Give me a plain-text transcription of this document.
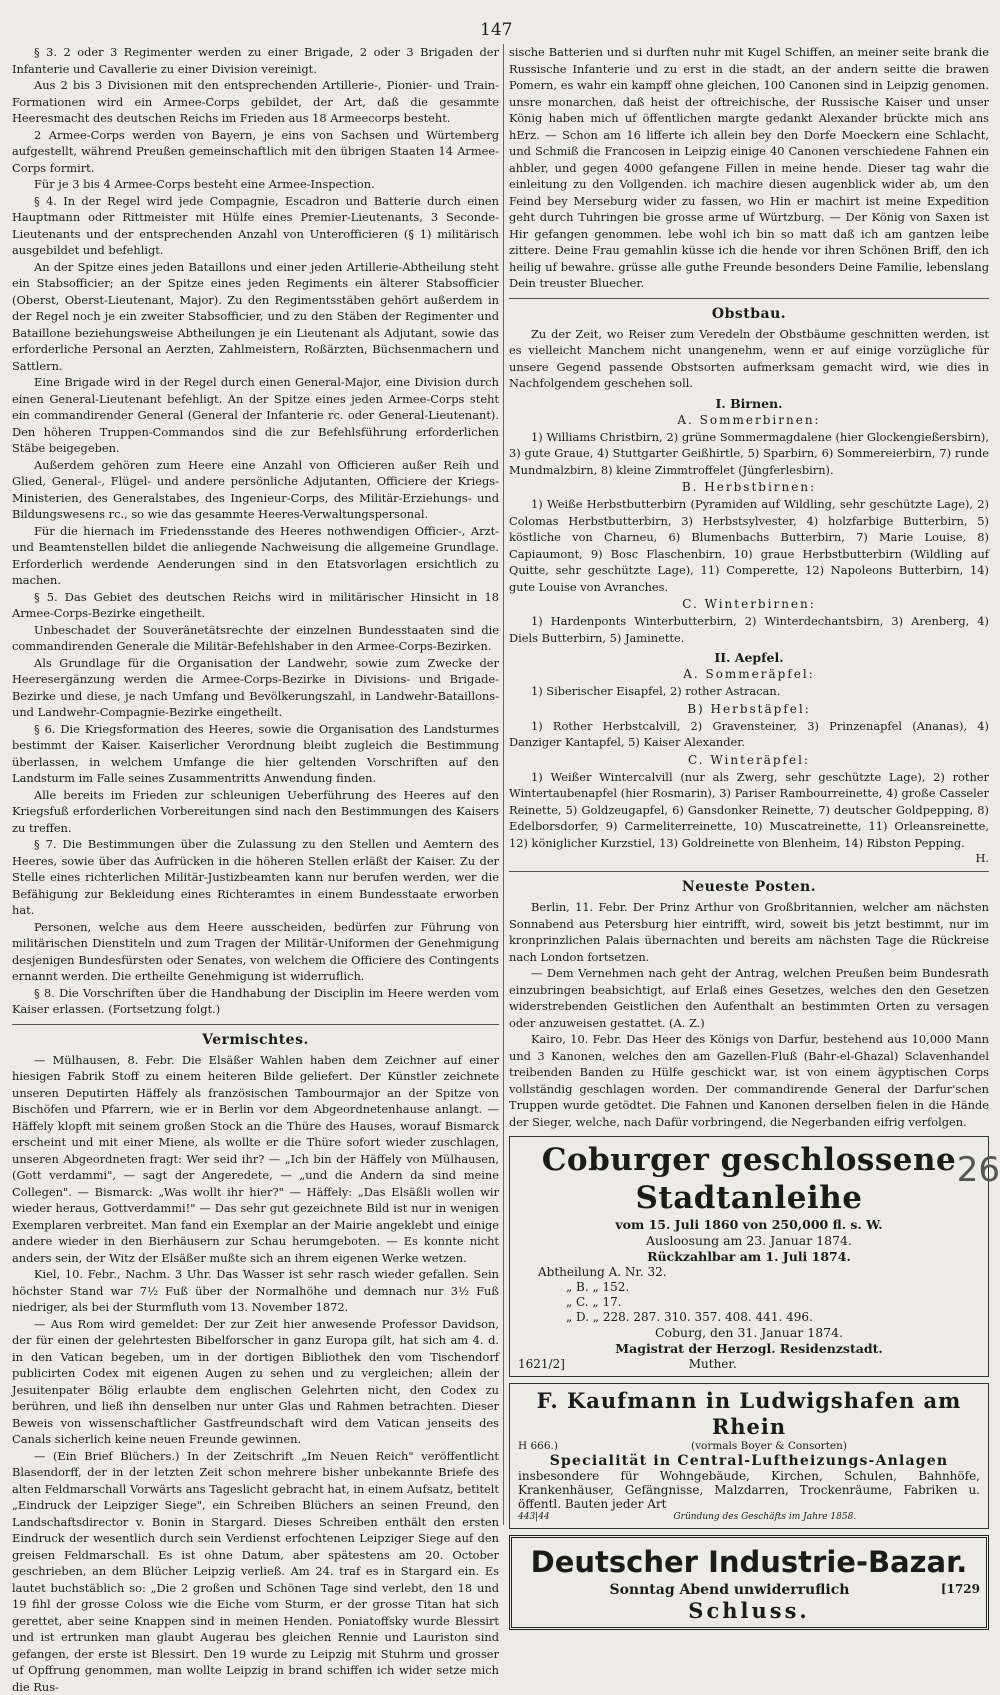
147

§ 3. 2 oder 3 Regimenter werden zu einer Brigade, 2 oder 3 Brigaden der Infanterie und Cavallerie zu einer Division vereinigt.

Aus 2 bis 3 Divisionen mit den entsprechenden Artillerie-, Pionier- und Train-Formationen wird ein Armee-Corps gebildet, der Art, daß die gesammte Heeresmacht des deutschen Reichs im Frieden aus 18 Armeecorps besteht.

2 Armee-Corps werden von Bayern, je eins von Sachsen und Würtemberg aufgestellt, während Preußen gemeinschaftlich mit den übrigen Staaten 14 Armee-Corps formirt.

Für je 3 bis 4 Armee-Corps besteht eine Armee-Inspection.

§ 4. In der Regel wird jede Compagnie, Escadron und Batterie durch einen Hauptmann oder Rittmeister mit Hülfe eines Premier-Lieutenants, 3 Seconde-Lieutenants und der entsprechenden Anzahl von Unterofficieren (§ 1) militärisch ausgebildet und befehligt.

An der Spitze eines jeden Bataillons und einer jeden Artillerie-Abtheilung steht ein Stabsofficier; an der Spitze eines jeden Regiments ein älterer Stabsofficier (Oberst, Oberst-Lieutenant, Major). Zu den Regimentsstäben gehört außerdem in der Regel noch je ein zweiter Stabsofficier, und zu den Stäben der Regimenter und Bataillone beziehungsweise Abtheilungen je ein Lieutenant als Adjutant, sowie das erforderliche Personal an Aerzten, Zahlmeistern, Roßärzten, Büchsenmachern und Sattlern.

Eine Brigade wird in der Regel durch einen General-Major, eine Division durch einen General-Lieutenant befehligt. An der Spitze eines jeden Armee-Corps steht ein commandirender General (General der Infanterie rc. oder General-Lieutenant). Den höheren Truppen-Commandos sind die zur Befehlsführung erforderlichen Stäbe beigegeben.

Außerdem gehören zum Heere eine Anzahl von Officieren außer Reih und Glied, General-, Flügel- und andere persönliche Adjutanten, Officiere der Kriegs-Ministerien, des Generalstabes, des Ingenieur-Corps, des Militär-Erziehungs- und Bildungswesens rc., so wie das gesammte Heeres-Verwaltungspersonal.

Für die hiernach im Friedensstande des Heeres nothwendigen Officier-, Arzt- und Beamtenstellen bildet die anliegende Nachweisung die allgemeine Grundlage. Erforderlich werdende Aenderungen sind in den Etatsvorlagen ersichtlich zu machen.

§ 5. Das Gebiet des deutschen Reichs wird in militärischer Hinsicht in 18 Armee-Corps-Bezirke eingetheilt.

Unbeschadet der Souveränetätsrechte der einzelnen Bundesstaaten sind die commandirenden Generale die Militär-Befehlshaber in den Armee-Corps-Bezirken.

Als Grundlage für die Organisation der Landwehr, sowie zum Zwecke der Heeresergänzung werden die Armee-Corps-Bezirke in Divisions- und Brigade-Bezirke und diese, je nach Umfang und Bevölkerungszahl, in Landwehr-Bataillons- und Landwehr-Compagnie-Bezirke eingetheilt.

§ 6. Die Kriegsformation des Heeres, sowie die Organisation des Landsturmes bestimmt der Kaiser. Kaiserlicher Verordnung bleibt zugleich die Bestimmung überlassen, in welchem Umfange die hier geltenden Vorschriften auf den Landsturm im Falle seines Zusammentritts Anwendung finden.

Alle bereits im Frieden zur schleunigen Ueberführung des Heeres auf den Kriegsfuß erforderlichen Vorbereitungen sind nach den Bestimmungen des Kaisers zu treffen.

§ 7. Die Bestimmungen über die Zulassung zu den Stellen und Aemtern des Heeres, sowie über das Aufrücken in die höheren Stellen erläßt der Kaiser. Zu der Stelle eines richterlichen Militär-Justizbeamten kann nur berufen werden, wer die Befähigung zur Bekleidung eines Richteramtes in einem Bundesstaate erworben hat.

Personen, welche aus dem Heere ausscheiden, bedürfen zur Führung von militärischen Dienstiteln und zum Tragen der Militär-Uniformen der Genehmigung desjenigen Bundesfürsten oder Senates, von welchem die Officiere des Contingents ernannt werden. Die ertheilte Genehmigung ist widerruflich.

§ 8. Die Vorschriften über die Handhabung der Disciplin im Heere werden vom Kaiser erlassen. (Fortsetzung folgt.)

Vermischtes.

— Mülhausen, 8. Febr. Die Elsäßer Wahlen haben dem Zeichner auf einer hiesigen Fabrik Stoff zu einem heiteren Bilde geliefert. Der Künstler zeichnete unseren Deputirten Häffely als französischen Tambourmajor an der Spitze von Bischöfen und Pfarrern, wie er in Berlin vor dem Abgeordnetenhause anlangt. — Häffely klopft mit seinem großen Stock an die Thüre des Hauses, worauf Bismarck erscheint und mit einer Miene, als wollte er die Thüre sofort wieder zuschlagen, unseren Abgeordneten fragt: Wer seid ihr? — „Ich bin der Häffely von Mülhausen, (Gott verdammi", — sagt der Angeredete, — „und die Andern da sind meine Collegen". — Bismarck: „Was wollt ihr hier?" — Häffely: „Das Elsäßli wollen wir wieder heraus, Gottverdammi!" — Das sehr gut gezeichnete Bild ist nur in wenigen Exemplaren verbreitet. Man fand ein Exemplar an der Mairie angeklebt und einige andere wieder in den Bierhäusern zur Schau herumgeboten. — Es konnte nicht anders sein, der Witz der Elsäßer mußte sich an ihrem eigenen Werke wetzen.

Kiel, 10. Febr., Nachm. 3 Uhr. Das Wasser ist sehr rasch wieder gefallen. Sein höchster Stand war 7½ Fuß über der Normalhöhe und demnach nur 3½ Fuß niedriger, als bei der Sturmfluth vom 13. November 1872.

— Aus Rom wird gemeldet: Der zur Zeit hier anwesende Professor Davidson, der für einen der gelehrtesten Bibelforscher in ganz Europa gilt, hat sich am 4. d. in den Vatican begeben, um in der dortigen Bibliothek den vom Tischendorf publicirten Codex mit eigenen Augen zu sehen und zu vergleichen; allein der Jesuitenpater Bölig erlaubte dem englischen Gelehrten nicht, den Codex zu berühren, und ließ ihn denselben nur unter Glas und Rahmen betrachten. Dieser Beweis von wissenschaftlicher Gastfreundschaft wird dem Vatican jenseits des Canals sicherlich keine neuen Freunde gewinnen.

— (Ein Brief Blüchers.) In der Zeitschrift „Im Neuen Reich" veröffentlicht Blasendorff, der in der letzten Zeit schon mehrere bisher unbekannte Briefe des alten Feldmarschall Vorwärts ans Tageslicht gebracht hat, in einem Aufsatz, betitelt „Eindruck der Leipziger Siege", ein Schreiben Blüchers an seinen Freund, den Landschaftsdirector v. Bonin in Stargard. Dieses Schreiben enthält den ersten Eindruck der wesentlich durch sein Verdienst erfochtenen Leipziger Siege auf den greisen Feldmarschall. Es ist ohne Datum, aber spätestens am 20. October geschrieben, an dem Blücher Leipzig verließ. Am 24. traf es in Stargard ein. Es lautet buchstäblich so: „Die 2 großen und Schönen Tage sind verlebt, den 18 und 19 fihl der grosse Coloss wie die Eiche vom Sturm, er der grosse Titan hat sich gerettet, aber seine Knappen sind in meinen Henden. Poniatoffsky wurde Blessirt und ist ertrunken man glaubt Augerau bes gleichen Rennie und Lauriston sind gefangen, der erste ist Blessirt. Den 19 wurde zu Leipzig mit Stuhrm und grosser uf Opffrung genommen, man wollte Leipzig in brand schiffen ich wider setze mich die Rus-

sische Batterien und si durften nuhr mit Kugel Schiffen, an meiner seite brank die Russische Infanterie und zu erst in die stadt, an der andern seitte die brawen Pomern, es wahr ein kampff ohne gleichen, 100 Canonen sind in Leipzig genomen. unsre monarchen, daß heist der oftreichische, der Russische Kaiser und unser König haben mich uf öffentlichen margte gedankt Alexander brückte mich ans hErz. — Schon am 16 lifferte ich allein bey den Dorfe Moeckern eine Schlacht, und Schmiß die Francosen in Leipzig einige 40 Canonen verschiedene Fahnen ein ahbler, und gegen 4000 gefangene Fillen in meine hende. Dieser tag wahr die einleitung zu den Vollgenden. ich machire diesen augenblick wider ab, um den Feind bey Merseburg wider zu fassen, wo Hin er machirt ist meine Expedition geht durch Tuhringen bie grosse arme uf Würtzburg. — Der König von Saxen ist Hir gefangen genommen. lebe wohl ich bin so matt daß ich am gantzen leibe zittere. Deine Frau gemahlin küsse ich die hende vor ihren Schönen Briff, den ich heilig uf bewahre. grüsse alle guthe Freunde besonders Deine Familie, lebenslang Dein treuster Bluecher.

Obstbau.

Zu der Zeit, wo Reiser zum Veredeln der Obstbäume geschnitten werden, ist es vielleicht Manchem nicht unangenehm, wenn er auf einige vorzügliche für unsere Gegend passende Obstsorten aufmerksam gemacht wird, wie dies in Nachfolgendem geschehen soll.

I. Birnen.
A. Sommerbirnen:

1) Williams Christbirn, 2) grüne Sommermagdalene (hier Glockengießersbirn), 3) gute Graue, 4) Stuttgarter Geißhirtle, 5) Sparbirn, 6) Sommereierbirn, 7) runde Mundmalzbirn, 8) kleine Zimmtroffelet (Jüngferlesbirn).

B. Herbstbirnen:

1) Weiße Herbstbutterbirn (Pyramiden auf Wildling, sehr geschützte Lage), 2) Colomas Herbstbutterbirn, 3) Herbstsylvester, 4) holzfarbige Butterbirn, 5) köstliche von Charneu, 6) Blumenbachs Butterbirn, 7) Marie Louise, 8) Capiaumont, 9) Bosc Flaschenbirn, 10) graue Herbstbutterbirn (Wildling auf Quitte, sehr geschützte Lage), 11) Comperette, 12) Napoleons Butterbirn, 14) gute Louise von Avranches.

C. Winterbirnen:

1) Hardenponts Winterbutterbirn, 2) Winterdechantsbirn, 3) Arenberg, 4) Diels Butterbirn, 5) Jaminette.

II. Aepfel.
A. Sommeräpfel:

1) Siberischer Eisapfel, 2) rother Astracan.

B) Herbstäpfel:

1) Rother Herbstcalvill, 2) Gravensteiner, 3) Prinzenapfel (Ananas), 4) Danziger Kantapfel, 5) Kaiser Alexander.

C. Winteräpfel:

1) Weißer Wintercalvill (nur als Zwerg, sehr geschützte Lage), 2) rother Wintertaubenapfel (hier Rosmarin), 3) Pariser Rambourreinette, 4) große Casseler Reinette, 5) Goldzeugapfel, 6) Gansdonker Reinette, 7) deutscher Goldpepping, 8) Edelborsdorfer, 9) Carmeliterreinette, 10) Muscatreinette, 11) Orleansreinette, 12) königlicher Kurzstiel, 13) Goldreinette von Blenheim, 14) Ribston Pepping.

H.
Neueste Posten.

Berlin, 11. Febr. Der Prinz Arthur von Großbritannien, welcher am nächsten Sonnabend aus Petersburg hier eintrifft, wird, soweit bis jetzt bestimmt, nur im kronprinzlichen Palais übernachten und bereits am nächsten Tage die Rückreise nach London fortsetzen.

— Dem Vernehmen nach geht der Antrag, welchen Preußen beim Bundesrath einzubringen beabsichtigt, auf Erlaß eines Gesetzes, welches den den Gesetzen widerstrebenden Geistlichen den Aufenthalt an bestimmten Orten zu versagen oder anzuweisen gestattet. (A. Z.)

Kairo, 10. Febr. Das Heer des Königs von Darfur, bestehend aus 10,000 Mann und 3 Kanonen, welches den am Gazellen-Fluß (Bahr-el-Ghazal) Sclavenhandel treibenden Banden zu Hülfe geschickt war, ist von einem ägyptischen Corps vollständig geschlagen worden. Der commandirende General der Darfur'schen Truppen wurde getödtet. Die Fahnen und Kanonen derselben fielen in die Hände der Sieger, welche, nach Dafür vorbringend, die Negerbanden eifrig verfolgen.

Coburger geschlossene Stadtanleihe
vom 15. Juli 1860 von 250,000 fl. s. W.
Ausloosung am 23. Januar 1874.
Rückzahlbar am 1. Juli 1874.
Abtheilung A. Nr. 32.
„ B. „ 152.
„ C. „ 17.
„ D. „ 228. 287. 310. 357. 408. 441. 496.
Coburg, den 31. Januar 1874.
Magistrat der Herzogl. Residenzstadt.
1621/2]	Muther.
F. Kaufmann in Ludwigshafen am Rhein
H 666.)	(vormals Boyer & Consorten)
Specialität in Central-Luftheizungs-Anlagen
insbesondere für Wohngebäude, Kirchen, Schulen, Bahnhöfe, Krankenhäuser, Gefängnisse, Malzdarren, Trockenräume, Fabriken u. öffentl. Bauten jeder Art
443|44	Gründung des Geschäfts im Jahre 1858.
Deutscher Industrie-Bazar.
Sonntag Abend unwiderruflich	[1729
Schluss.
26
